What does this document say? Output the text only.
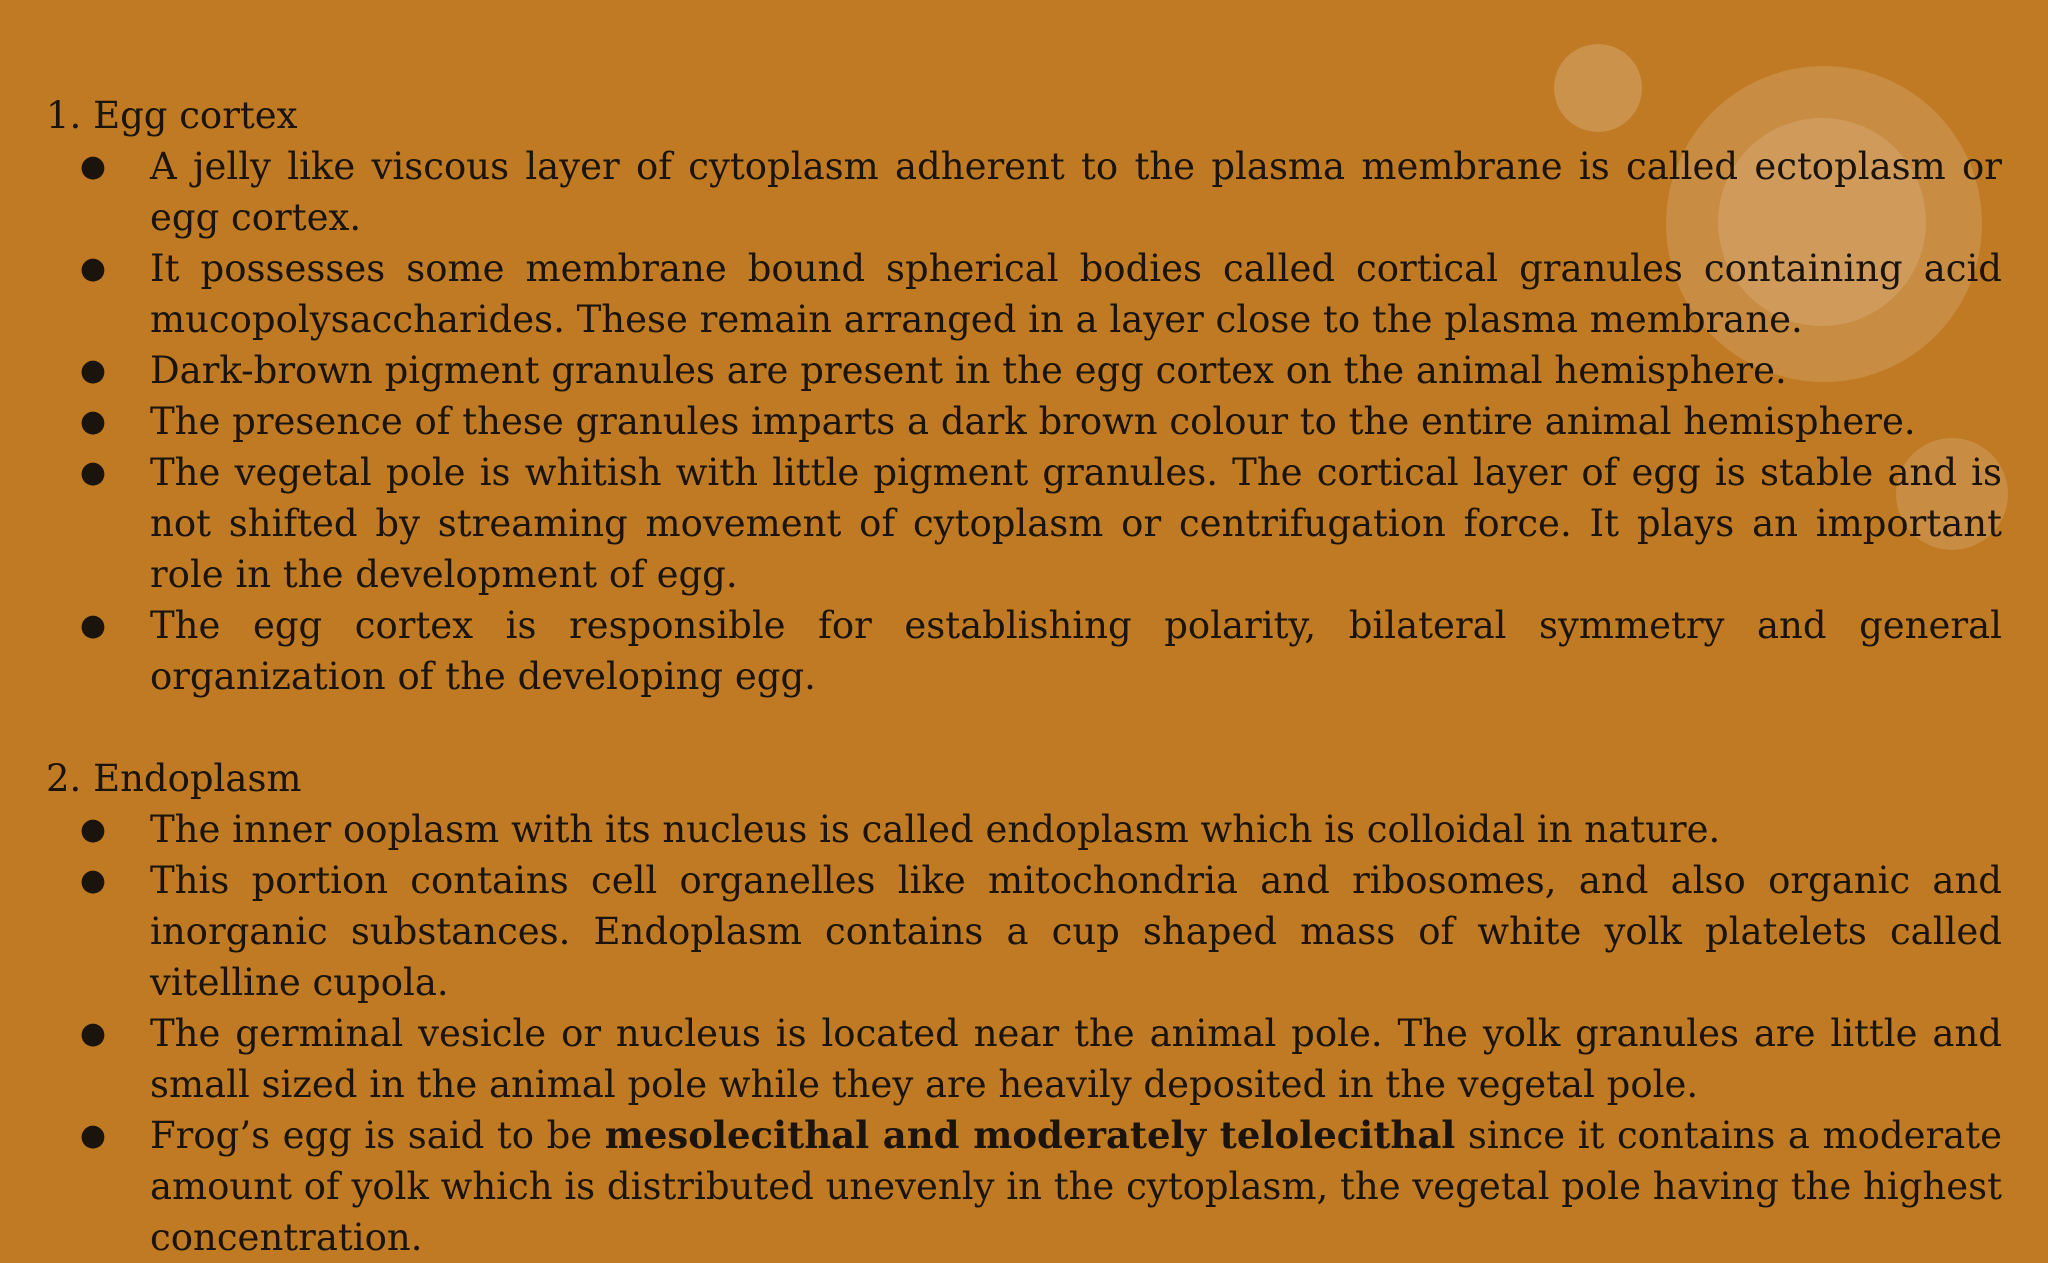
1. Egg cortex
● A jelly like viscous layer of cytoplasm adherent to the plasma membrane is called ectoplasm or egg cortex.
● It possesses some membrane bound spherical bodies called cortical granules containing acid mucopolysaccharides. These remain arranged in a layer close to the plasma membrane.
● Dark-brown pigment granules are present in the egg cortex on the animal hemisphere.
● The presence of these granules imparts a dark brown colour to the entire animal hemisphere.
● The vegetal pole is whitish with little pigment granules. The cortical layer of egg is stable and is not shifted by streaming movement of cytoplasm or centrifugation force. It plays an important role in the development of egg.
● The egg cortex is responsible for establishing polarity, bilateral symmetry and general organization of the developing egg.
2. Endoplasm
● The inner ooplasm with its nucleus is called endoplasm which is colloidal in nature.
● This portion contains cell organelles like mitochondria and ribosomes, and also organic and inorganic substances. Endoplasm contains a cup shaped mass of white yolk platelets called vitelline cupola.
● The germinal vesicle or nucleus is located near the animal pole. The yolk granules are little and small sized in the animal pole while they are heavily deposited in the vegetal pole.
● Frog’s egg is said to be mesolecithal and moderately telolecithal since it contains a moderate amount of yolk which is distributed unevenly in the cytoplasm, the vegetal pole having the highest concentration.
